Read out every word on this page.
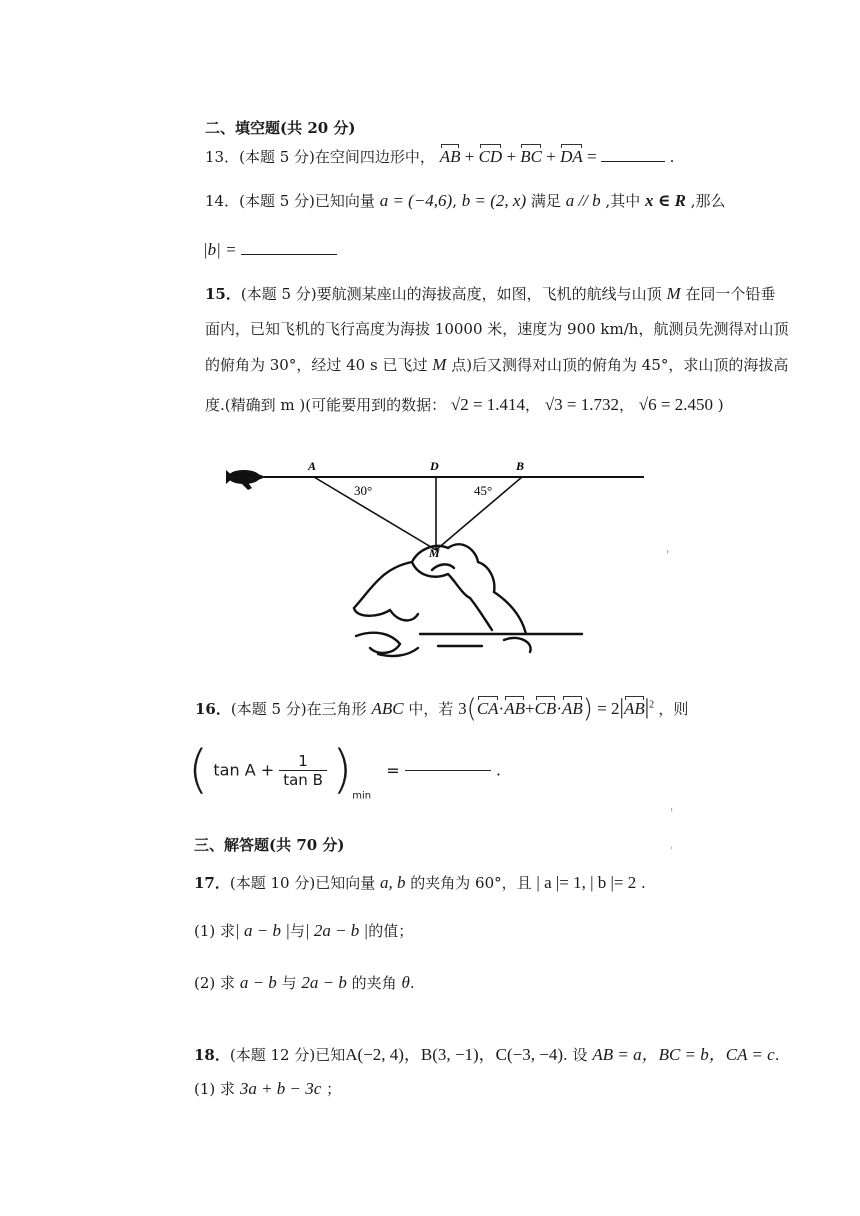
二、填空题(共 20 分)
13．(本题 5 分)在空间四边形中， AB + CD + BC + DA =	.
14．(本题 5 分)已知向量 a = (−4,6), b = (2, x) 满足 a // b ,其中 x ∈ R ,那么
|b| =
15．(本题 5 分)要航测某座山的海拔高度，如图，飞机的航线与山顶 M 在同一个铅垂
面内，已知飞机的飞行高度为海拔 10000 米，速度为 900 km/h，航测员先测得对山顶
的俯角为 30°，经过 40 s 已飞过 M 点)后又测得对山顶的俯角为 45°，求山顶的海拔高
度.(精确到 m )(可能要用到的数据： √2 = 1.414， √3 = 1.732， √6 = 2.450 )
A	D	B
M
30°	45°
16．(本题 5 分)在三角形 ABC 中，若 $3(CA\cdot AB+CB\cdot AB) = 2|AB|^2$ ，则
( $\tan A + \frac{1}{\text{tan B}} )_{min}$ =	.
三、解答题(共 70 分)
17．(本题 10 分)已知向量 a, b 的夹角为 60°，且 | a |= 1, | b |= 2 .
(1) 求| a − b |与| 2a − b |的值；
(2) 求 a − b 与 2a − b 的夹角 θ.
18．(本题 12 分)已知A(−2, 4)，B(3, −1)，C(−3, −4). 设 AB = a，BC = b，CA = c.
(1) 求 3a + b − 3c ；
'
'
'
